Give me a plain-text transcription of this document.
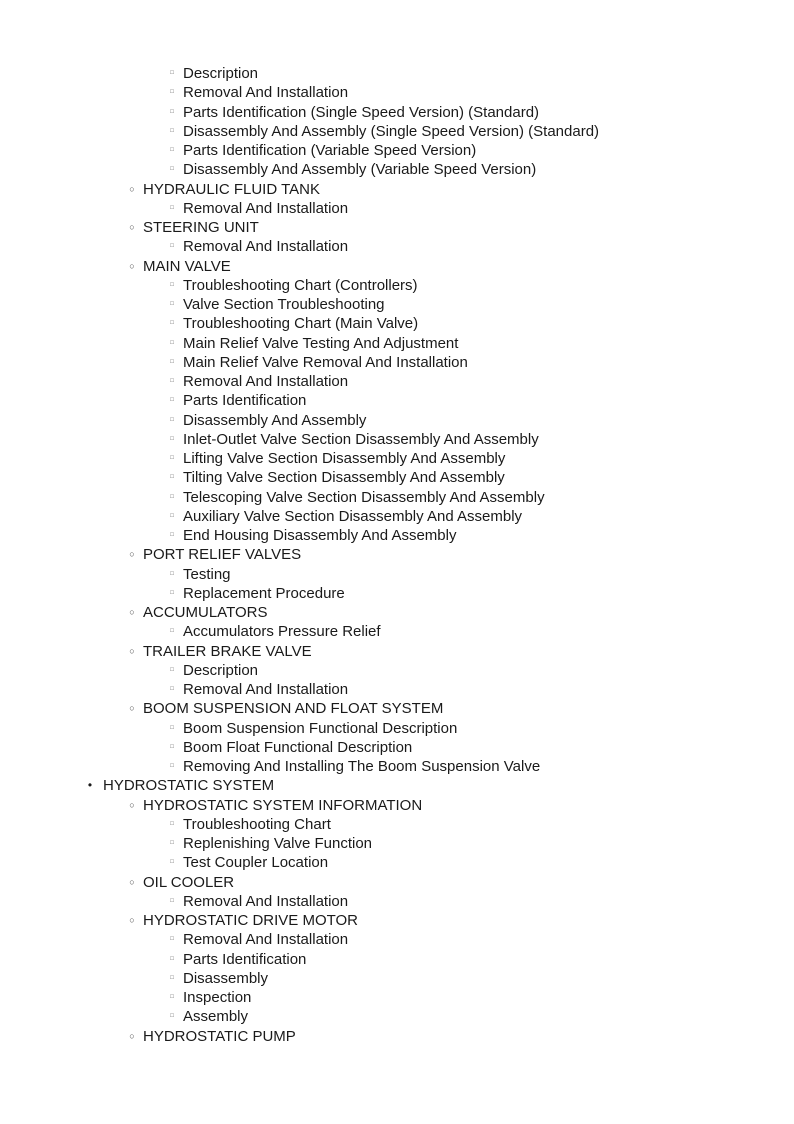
□ Description
□ Removal And Installation
□ Parts Identification (Single Speed Version) (Standard)
□ Disassembly And Assembly (Single Speed Version) (Standard)
□ Parts Identification (Variable Speed Version)
□ Disassembly And Assembly (Variable Speed Version)
○ HYDRAULIC FLUID TANK
□ Removal And Installation
○ STEERING UNIT
□ Removal And Installation
○ MAIN VALVE
□ Troubleshooting Chart (Controllers)
□ Valve Section Troubleshooting
□ Troubleshooting Chart (Main Valve)
□ Main Relief Valve Testing And Adjustment
□ Main Relief Valve Removal And Installation
□ Removal And Installation
□ Parts Identification
□ Disassembly And Assembly
□ Inlet-Outlet Valve Section Disassembly And Assembly
□ Lifting Valve Section Disassembly And Assembly
□ Tilting Valve Section Disassembly And Assembly
□ Telescoping Valve Section Disassembly And Assembly
□ Auxiliary Valve Section Disassembly And Assembly
□ End Housing Disassembly And Assembly
○ PORT RELIEF VALVES
□ Testing
□ Replacement Procedure
○ ACCUMULATORS
□ Accumulators Pressure Relief
○ TRAILER BRAKE VALVE
□ Description
□ Removal And Installation
○ BOOM SUSPENSION AND FLOAT SYSTEM
□ Boom Suspension Functional Description
□ Boom Float Functional Description
□ Removing And Installing The Boom Suspension Valve
• HYDROSTATIC SYSTEM
○ HYDROSTATIC SYSTEM INFORMATION
□ Troubleshooting Chart
□ Replenishing Valve Function
□ Test Coupler Location
○ OIL COOLER
□ Removal And Installation
○ HYDROSTATIC DRIVE MOTOR
□ Removal And Installation
□ Parts Identification
□ Disassembly
□ Inspection
□ Assembly
○ HYDROSTATIC PUMP
